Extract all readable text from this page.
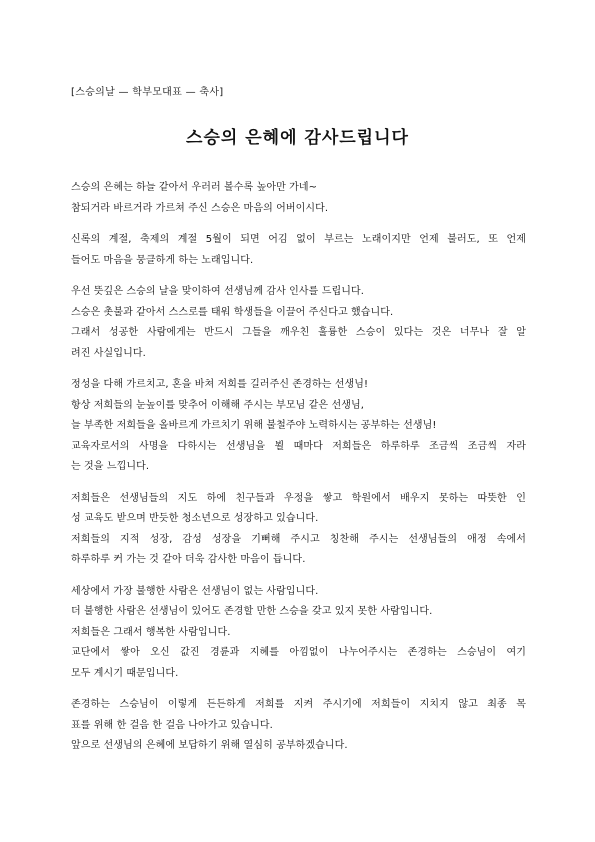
[스승의날 — 학부모대표 — 축사]
스승의 은혜에 감사드립니다
스승의 은혜는 하늘 같아서 우러러 볼수록 높아만 가네~
참되거라 바르거라 가르쳐 주신 스승은 마음의 어버이시다.
신록의 계절, 축제의 계절 5월이 되면 어김 없이 부르는 노래이지만 언제 불러도, 또 언제
들어도 마음을 뭉클하게 하는 노래입니다.
우선 뜻깊은 스승의 날을 맞이하여 선생님께 감사 인사를 드립니다.
스승은 촛불과 같아서 스스로를 태워 학생들을 이끌어 주신다고 했습니다.
그래서 성공한 사람에게는 반드시 그들을 깨우친 훌륭한 스승이 있다는 것은 너무나 잘 알
려진 사실입니다.
정성을 다해 가르치고, 혼을 바쳐 저희를 길러주신 존경하는 선생님!
항상 저희들의 눈높이를 맞추어 이해해 주시는 부모님 같은 선생님,
늘 부족한 저희들을 올바르게 가르치기 위해 불철주야 노력하시는 공부하는 선생님!
교육자로서의 사명을 다하시는 선생님을 뵐 때마다 저희들은 하루하루 조금씩 조금씩 자라
는 것을 느낍니다.
저희들은 선생님들의 지도 하에 친구들과 우정을 쌓고 학원에서 배우지 못하는 따뜻한 인
성 교육도 받으며 반듯한 청소년으로 성장하고 있습니다.
저희들의 지적 성장, 감성 성장을 기뻐해 주시고 칭찬해 주시는 선생님들의 애정 속에서
하루하루 커 가는 것 같아 더욱 감사한 마음이 듭니다.
세상에서 가장 불행한 사람은 선생님이 없는 사람입니다.
더 불행한 사람은 선생님이 있어도 존경할 만한 스승을 갖고 있지 못한 사람입니다.
저희들은 그래서 행복한 사람입니다.
교단에서 쌓아 오신 값진 경륜과 지혜를 아낌없이 나누어주시는 존경하는 스승님이 여기
모두 계시기 때문입니다.
존경하는 스승님이 이렇게 든든하게 저희를 지켜 주시기에 저희들이 지치지 않고 최종 목
표를 위해 한 걸음 한 걸음 나아가고 있습니다.
앞으로 선생님의 은혜에 보답하기 위해 열심히 공부하겠습니다.
